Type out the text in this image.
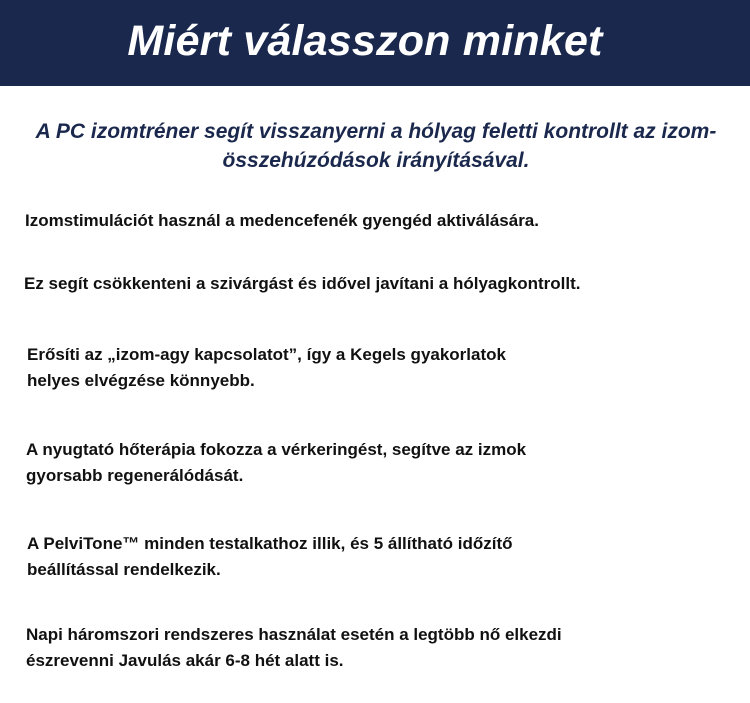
Miért válasszon minket

A PC izomtréner segít visszanyerni a hólyag feletti kontrollt az izom-összehúzódások irányításával.

Izomstimulációt használ a medencefenék gyengéd aktiválására.
Ez segít csökkenteni a szivárgást és idővel javítani a hólyagkontrollt.
Erősíti az „izom-agy kapcsolatot”, így a Kegels gyakorlatok
helyes elvégzése könnyebb.
A nyugtató hőterápia fokozza a vérkeringést, segítve az izmok
gyorsabb regenerálódását.
A PelviTone™ minden testalkathoz illik, és 5 állítható időzítő
beállítással rendelkezik.
Napi háromszori rendszeres használat esetén a legtöbb nő elkezdi
észrevenni Javulás akár 6-8 hét alatt is.
